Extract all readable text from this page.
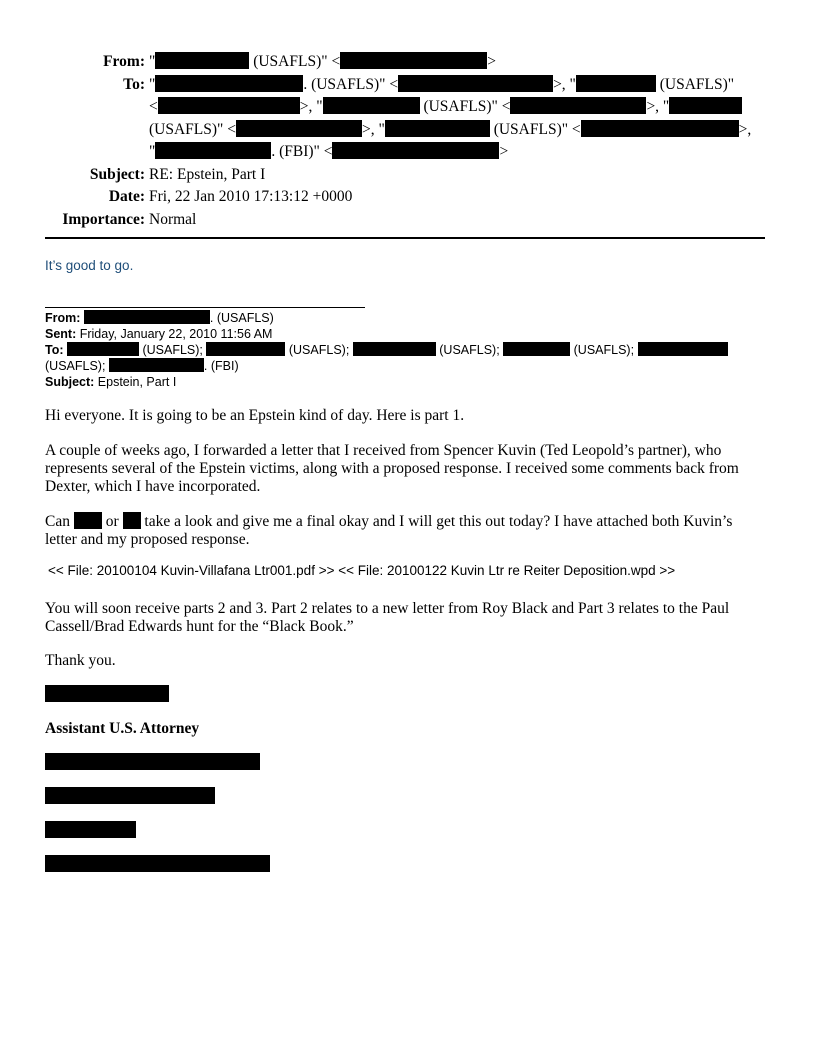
From: "	(USAFLS)" <	>
To: "	. (USAFLS)" <	>, "	(USAFLS)"
<	>, "	(USAFLS)" <	>, "
(USAFLS)" <	>, "	(USAFLS)" <	>,
"	. (FBI)" <	>
Subject: RE: Epstein, Part I
Date: Fri, 22 Jan 2010 17:13:12 +0000
Importance: Normal
It’s good to go.
From:	. (USAFLS)
Sent: Friday, January 22, 2010 11:56 AM
To:	(USAFLS);	(USAFLS);	(USAFLS);	(USAFLS);
(USAFLS);	. (FBI)
Subject: Epstein, Part I
Hi everyone. It is going to be an Epstein kind of day. Here is part 1.
A couple of weeks ago, I forwarded a letter that I received from Spencer Kuvin (Ted Leopold’s partner), who represents several of the Epstein victims, along with a proposed response. I received some comments back from Dexter, which I have incorporated.
Can or take a look and give me a final okay and I will get this out today? I have attached both Kuvin’s letter and my proposed response.
<< File: 20100104 Kuvin-Villafana Ltr001.pdf >> << File: 20100122 Kuvin Ltr re Reiter Deposition.wpd >>
You will soon receive parts 2 and 3. Part 2 relates to a new letter from Roy Black and Part 3 relates to the Paul Cassell/Brad Edwards hunt for the “Black Book.”
Thank you.
Assistant U.S. Attorney
